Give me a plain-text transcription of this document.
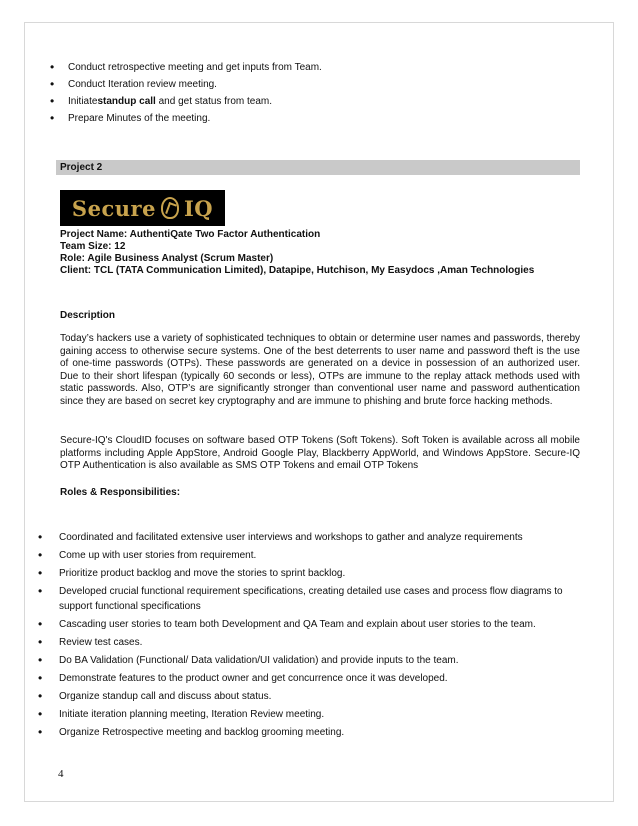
• Conduct retrospective meeting and get inputs from Team.
• Conduct Iteration review meeting.
• Initiatestandup call and get status from team.
• Prepare Minutes of the meeting.
Project 2
Secure IQ
Project Name: AuthentiQate Two Factor Authentication
Team Size: 12
Role: Agile Business Analyst (Scrum Master)
Client: TCL (TATA Communication Limited), Datapipe, Hutchison, My Easydocs ,Aman Technologies
Description

Today’s hackers use a variety of sophisticated techniques to obtain or determine user names and passwords, thereby gaining access to otherwise secure systems. One of the best deterrents to user name and password theft is the use of one-time passwords (OTPs). These passwords are generated on a device in possession of an authorized user. Due to their short lifespan (typically 60 seconds or less), OTPs are immune to the replay attack methods used with static passwords. Also, OTP’s are significantly stronger than conventional user name and password authentication since they are based on secret key cryptography and are immune to phishing and brute force hacking methods.

Secure-IQ's CloudID focuses on software based OTP Tokens (Soft Tokens). Soft Token is available across all mobile platforms including Apple AppStore, Android Google Play, Blackberry AppWorld, and Windows AppStore. Secure-IQ OTP Authentication is also available as SMS OTP Tokens and email OTP Tokens

Roles & Responsibilities:
• Coordinated and facilitated extensive user interviews and workshops to gather and analyze requirements
• Come up with user stories from requirement.
• Prioritize product backlog and move the stories to sprint backlog.
• Developed crucial functional requirement specifications, creating detailed use cases and process flow diagrams to support functional specifications
• Cascading user stories to team both Development and QA Team and explain about user stories to the team.
• Review test cases.
• Do BA Validation (Functional/ Data validation/UI validation) and provide inputs to the team.
• Demonstrate features to the product owner and get concurrence once it was developed.
• Organize standup call and discuss about status.
• Initiate iteration planning meeting, Iteration Review meeting.
• Organize Retrospective meeting and backlog grooming meeting.
4
